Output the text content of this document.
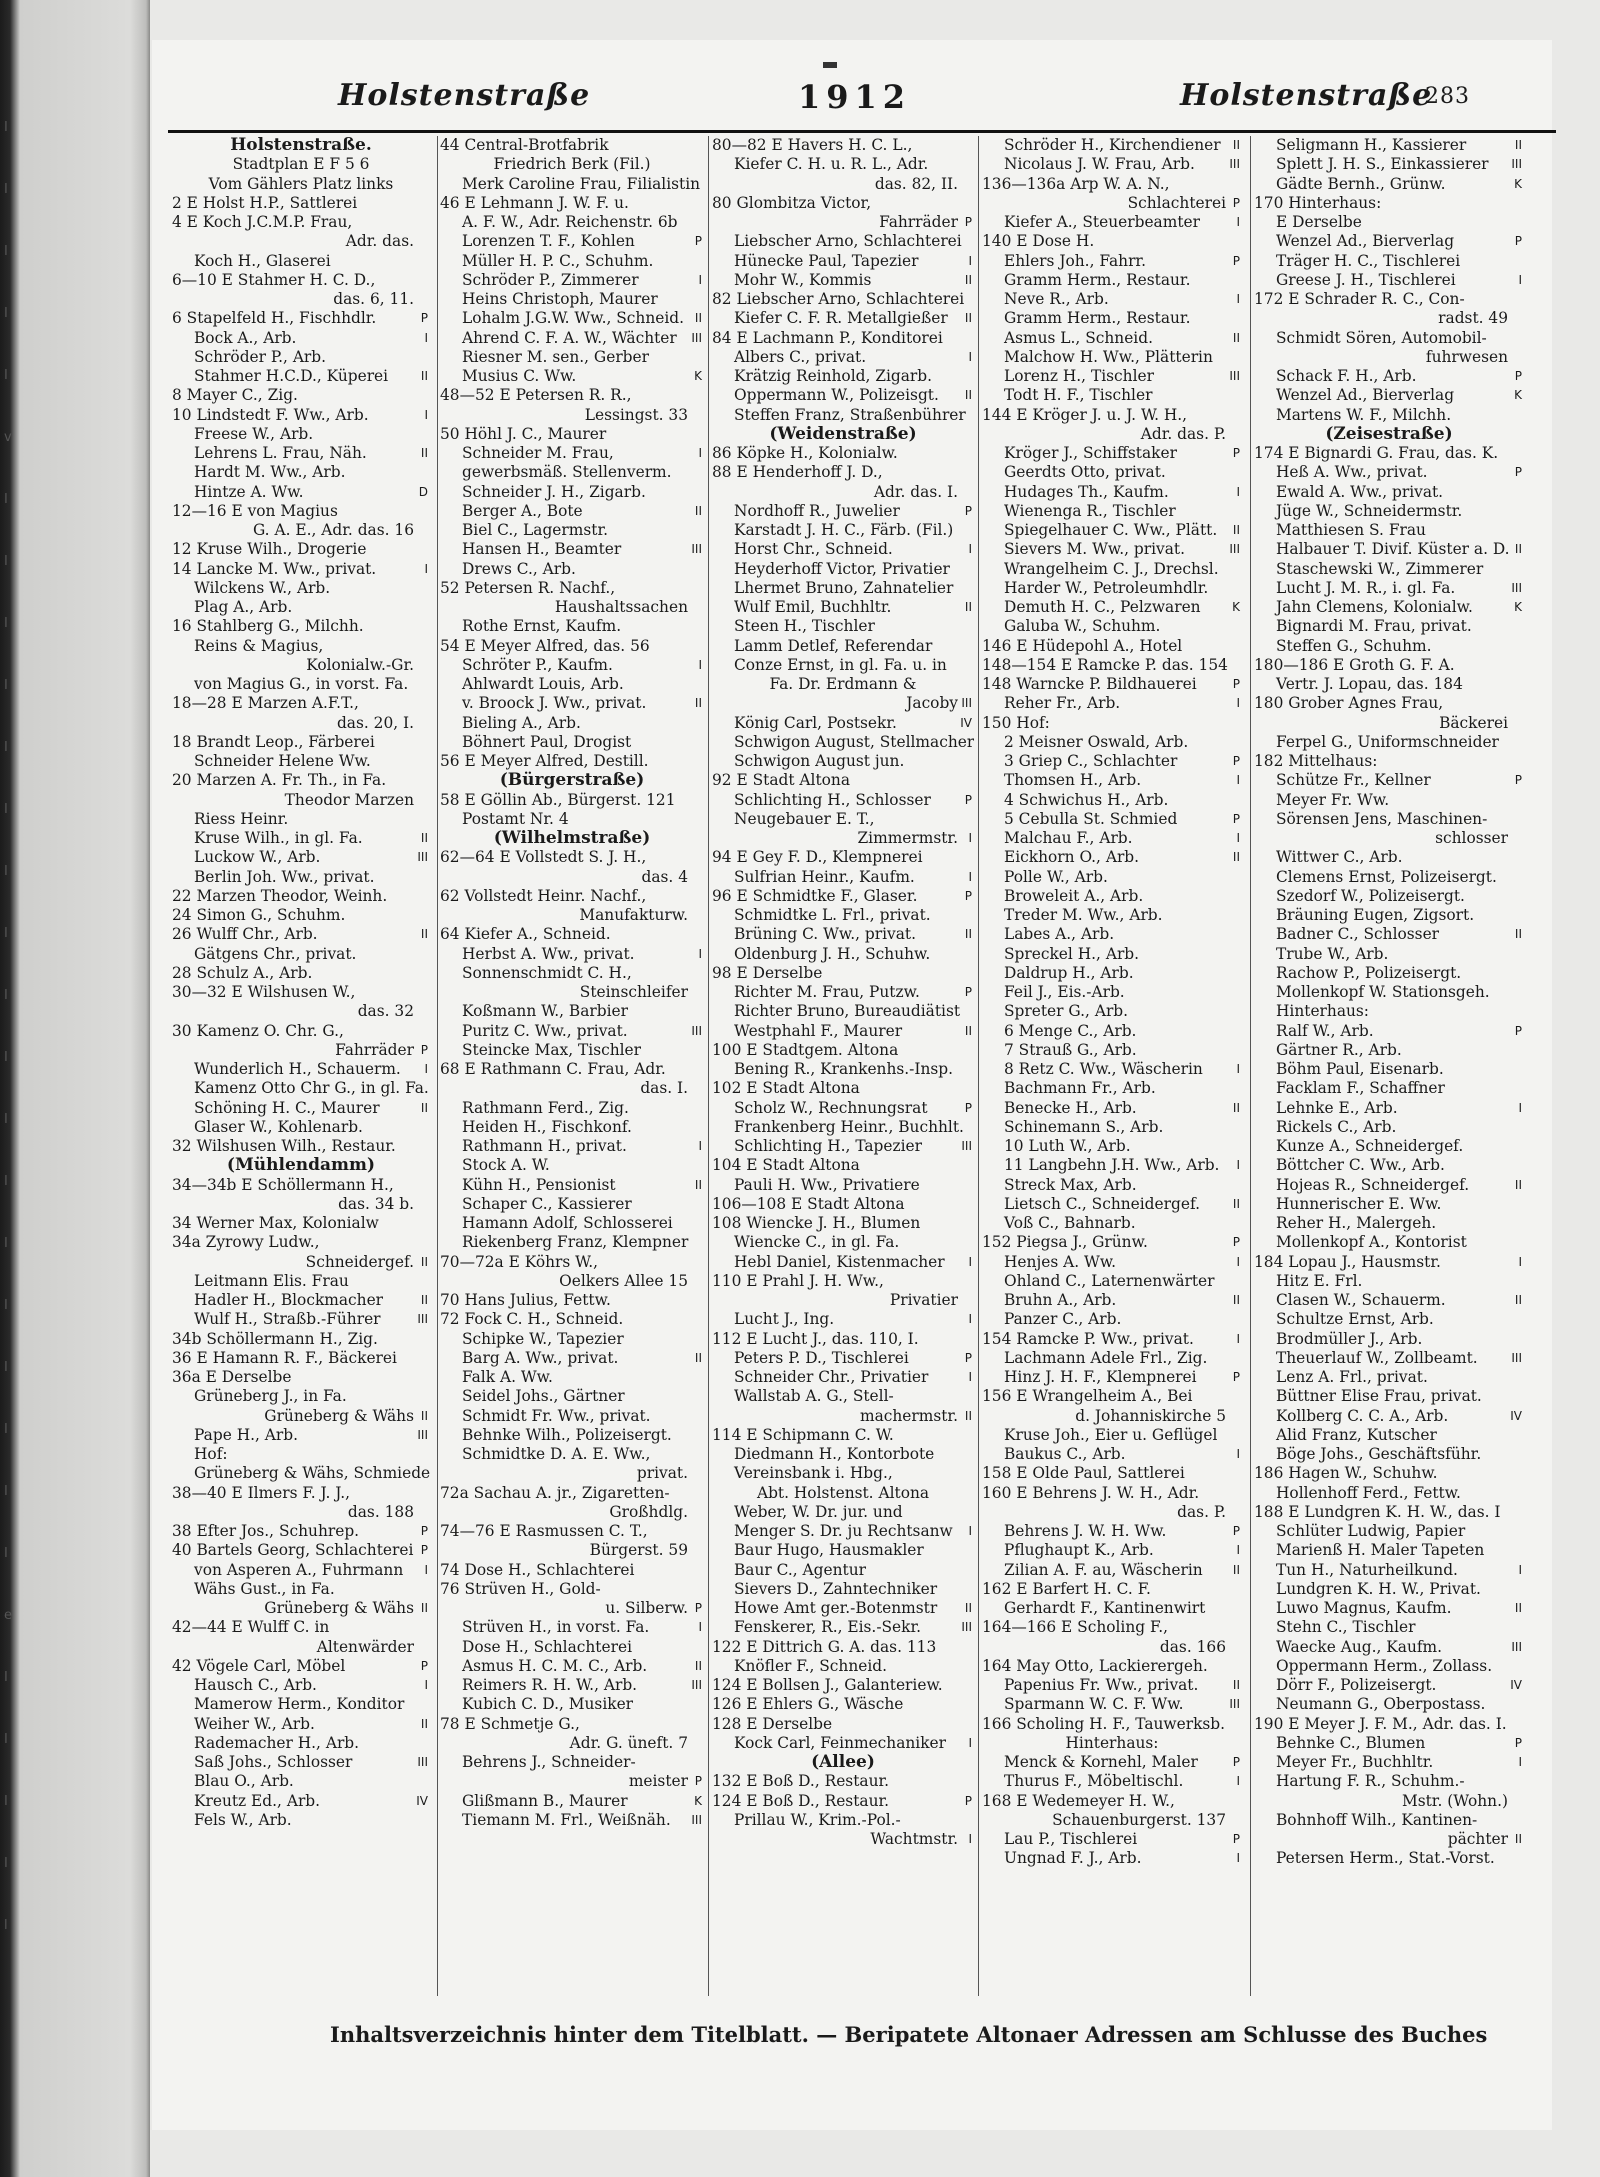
I
I
I
I
I
v
I
I
I
I
I
I
I
I
I
I
I
I
I
I
I
I
I
I
e
I
I
I
I
l
Holstenstraße	1912	Holstenstraße
283
Holstenstraße.
Stadtplan E F 5 6
Vom Gählers Platz links
2 E Holst H.P., Sattlerei
4 E Koch J.C.M.P. Frau,
Adr. das.
Koch H., Glaserei
6—10 E Stahmer H. C. D.,
das. 6, 11.
6 Stapelfeld H., Fischhdlr.	P
Bock A., Arb.	I
Schröder P., Arb.
Stahmer H.C.D., Küperei	II
8 Mayer C., Zig.
10 Lindstedt F. Ww., Arb.	I
Freese W., Arb.
Lehrens L. Frau, Näh.	II
Hardt M. Ww., Arb.
Hintze A. Ww.	D
12—16 E von Magius
G. A. E., Adr. das. 16
12 Kruse Wilh., Drogerie
14 Lancke M. Ww., privat.	I
Wilckens W., Arb.
Plag A., Arb.
16 Stahlberg G., Milchh.
Reins & Magius,
Kolonialw.-Gr.
von Magius G., in vorst. Fa.
18—28 E Marzen A.F.T.,
das. 20, I.
18 Brandt Leop., Färberei
Schneider Helene Ww.
20 Marzen A. Fr. Th., in Fa.
Theodor Marzen
Riess Heinr.
Kruse Wilh., in gl. Fa.	II
Luckow W., Arb.	III
Berlin Joh. Ww., privat.
22 Marzen Theodor, Weinh.
24 Simon G., Schuhm.
26 Wulff Chr., Arb.	II
Gätgens Chr., privat.
28 Schulz A., Arb.
30—32 E Wilshusen W.,
das. 32
30 Kamenz O. Chr. G.,
Fahrräder P
Wunderlich H., Schauerm. I
Kamenz Otto Chr G., in gl. Fa.
Schöning H. C., Maurer	II
Glaser W., Kohlenarb.
32 Wilshusen Wilh., Restaur.
(Mühlendamm)
34—34b E Schöllermann H.,
das. 34 b.
34 Werner Max, Kolonialw
34a Zyrowy Ludw.,
Schneidergef. II
Leitmann Elis. Frau
Hadler H., Blockmacher	II
Wulf H., Straßb.-Führer	III
34b Schöllermann H., Zig.
36 E Hamann R. F., Bäckerei
36a E Derselbe
Grüneberg J., in Fa.
Grüneberg & Wähs II
Pape H., Arb.	III
Hof:
Grüneberg & Wähs, Schmiede
38—40 E Ilmers F. J. J.,
das. 188
38 Efter Jos., Schuhrep.	P
40 Bartels Georg, Schlachterei P
von Asperen A., Fuhrmann I
Wähs Gust., in Fa.
Grüneberg & Wähs II
42—44 E Wulff C. in
Altenwärder
42 Vögele Carl, Möbel	P
Hausch C., Arb.	I
Mamerow Herm., Konditor
Weiher W., Arb.	II
Rademacher H., Arb.
Saß Johs., Schlosser	III
Blau O., Arb.
Kreutz Ed., Arb.	IV
Fels W., Arb.
44 Central-Brotfabrik
Friedrich Berk (Fil.)
Merk Caroline Frau, Filialistin
46 E Lehmann J. W. F. u.
A. F. W., Adr. Reichenstr. 6b
Lorenzen T. F., Kohlen	P
Müller H. P. C., Schuhm.
Schröder P., Zimmerer	I
Heins Christoph, Maurer
Lohalm J.G.W. Ww., Schneid. II
Ahrend C. F. A. W., Wächter III
Riesner M. sen., Gerber
Musius C. Ww.	K
48—52 E Petersen R. R.,
Lessingst. 33
50 Höhl J. C., Maurer
Schneider M. Frau,	I
gewerbsmäß. Stellenverm.
Schneider J. H., Zigarb.
Berger A., Bote	II
Biel C., Lagermstr.
Hansen H., Beamter	III
Drews C., Arb.
52 Petersen R. Nachf.,
Haushaltssachen
Rothe Ernst, Kaufm.
54 E Meyer Alfred, das. 56
Schröter P., Kaufm.	I
Ahlwardt Louis, Arb.
v. Broock J. Ww., privat.	II
Bieling A., Arb.
Böhnert Paul, Drogist
56 E Meyer Alfred, Destill.
(Bürgerstraße)
58 E Göllin Ab., Bürgerst. 121
Postamt Nr. 4
(Wilhelmstraße)
62—64 E Vollstedt S. J. H.,
das. 4
62 Vollstedt Heinr. Nachf.,
Manufakturw.
64 Kiefer A., Schneid.
Herbst A. Ww., privat.	I
Sonnenschmidt C. H.,
Steinschleifer
Koßmann W., Barbier
Puritz C. Ww., privat.	III
Steincke Max, Tischler
68 E Rathmann C. Frau, Adr.
das. I.
Rathmann Ferd., Zig.
Heiden H., Fischkonf.
Rathmann H., privat.	I
Stock A. W.
Kühn H., Pensionist	II
Schaper C., Kassierer
Hamann Adolf, Schlosserei
Riekenberg Franz, Klempner
70—72a E Köhrs W.,
Oelkers Allee 15
70 Hans Julius, Fettw.
72 Fock C. H., Schneid.
Schipke W., Tapezier
Barg A. Ww., privat.	II
Falk A. Ww.
Seidel Johs., Gärtner
Schmidt Fr. Ww., privat.
Behnke Wilh., Polizeisergt.
Schmidtke D. A. E. Ww.,
privat.
72a Sachau A. jr., Zigaretten-
Großhdlg.
74—76 E Rasmussen C. T.,
Bürgerst. 59
74 Dose H., Schlachterei
76 Strüven H., Gold-
u. Silberw. P
Strüven H., in vorst. Fa.	I
Dose H., Schlachterei
Asmus H. C. M. C., Arb.	II
Reimers R. H. W., Arb.	III
Kubich C. D., Musiker
78 E Schmetje G.,
Adr. G. üneft. 7
Behrens J., Schneider-
meister P
Glißmann B., Maurer	K
Tiemann M. Frl., Weißnäh. III
80—82 E Havers H. C. L.,
Kiefer C. H. u. R. L., Adr.
das. 82, II.
80 Glombitza Victor,
Fahrräder P
Liebscher Arno, Schlachterei
Hünecke Paul, Tapezier	I
Mohr W., Kommis	II
82 Liebscher Arno, Schlachterei
Kiefer C. F. R. Metallgießer II
84 E Lachmann P., Konditorei
Albers C., privat.	I
Krätzig Reinhold, Zigarb.
Oppermann W., Polizeisgt. II
Steffen Franz, Straßenbührer
(Weidenstraße)
86 Köpke H., Kolonialw.
88 E Henderhoff J. D.,
Adr. das. I.
Nordhoff R., Juwelier	P
Karstadt J. H. C., Färb. (Fil.)
Horst Chr., Schneid.	I
Heyderhoff Victor, Privatier
Lhermet Bruno, Zahnatelier
Wulf Emil, Buchhltr.	II
Steen H., Tischler
Lamm Detlef, Referendar
Conze Ernst, in gl. Fa. u. in
Fa. Dr. Erdmann &
Jacoby III
König Carl, Postsekr.	IV
Schwigon August, Stellmacher
Schwigon August jun.
92 E Stadt Altona
Schlichting H., Schlosser	P
Neugebauer E. T.,
Zimmermstr. I
94 E Gey F. D., Klempnerei
Sulfrian Heinr., Kaufm.	I
96 E Schmidtke F., Glaser.	P
Schmidtke L. Frl., privat.
Brüning C. Ww., privat.	II
Oldenburg J. H., Schuhw.
98 E Derselbe
Richter M. Frau, Putzw.	P
Richter Bruno, Bureaudiätist
Westphahl F., Maurer	II
100 E Stadtgem. Altona
Bening R., Krankenhs.-Insp.
102 E Stadt Altona
Scholz W., Rechnungsrat	P
Frankenberg Heinr., Buchhlt.
Schlichting H., Tapezier	III
104 E Stadt Altona
Pauli H. Ww., Privatiere
106—108 E Stadt Altona
108 Wiencke J. H., Blumen
Wiencke C., in gl. Fa.
Hebl Daniel, Kistenmacher I
110 E Prahl J. H. Ww.,
Privatier
Lucht J., Ing.	I
112 E Lucht J., das. 110, I.
Peters P. D., Tischlerei	P
Schneider Chr., Privatier	I
Wallstab A. G., Stell-
machermstr. II
114 E Schipmann C. W.
Diedmann H., Kontorbote
Vereinsbank i. Hbg.,
Abt. Holstenst. Altona
Weber, W. Dr. jur. und
Menger S. Dr. ju Rechtsanw I
Baur Hugo, Hausmakler
Baur C., Agentur
Sievers D., Zahntechniker
Howe Amt ger.-Botenmstr II
Fenskerer, R., Eis.-Sekr.	III
122 E Dittrich G. A. das. 113
Knöfler F., Schneid.
124 E Bollsen J., Galanteriew.
126 E Ehlers G., Wäsche
128 E Derselbe
Kock Carl, Feinmechaniker I
(Allee)
132 E Boß D., Restaur.
124 E Boß D., Restaur.	P
Prillau W., Krim.-Pol.-
Wachtmstr. I
Schröder H., Kirchendiener II
Nicolaus J. W. Frau, Arb.	III
136—136a Arp W. A. N.,
Schlachterei P
Kiefer A., Steuerbeamter	I
140 E Dose H.
Ehlers Joh., Fahrr.	P
Gramm Herm., Restaur.
Neve R., Arb.	I
Gramm Herm., Restaur.
Asmus L., Schneid.	II
Malchow H. Ww., Plätterin
Lorenz H., Tischler	III
Todt H. F., Tischler
144 E Kröger J. u. J. W. H.,
Adr. das. P.
Kröger J., Schiffstaker	P
Geerdts Otto, privat.
Hudages Th., Kaufm.	I
Wienenga R., Tischler
Spiegelhauer C. Ww., Plätt. II
Sievers M. Ww., privat.	III
Wrangelheim C. J., Drechsl.
Harder W., Petroleumhdlr.
Demuth H. C., Pelzwaren	K
Galuba W., Schuhm.
146 E Hüdepohl A., Hotel
148—154 E Ramcke P. das. 154
148 Warncke P. Bildhauerei	P
Reher Fr., Arb.	I
150 Hof:
2 Meisner Oswald, Arb.
3 Griep C., Schlachter	P
Thomsen H., Arb.	I
4 Schwichus H., Arb.
5 Cebulla St. Schmied	P
Malchau F., Arb.	I
Eickhorn O., Arb.	II
Polle W., Arb.
Broweleit A., Arb.
Treder M. Ww., Arb.
Labes A., Arb.
Spreckel H., Arb.
Daldrup H., Arb.
Feil J., Eis.-Arb.
Spreter G., Arb.
6 Menge C., Arb.
7 Strauß G., Arb.
8 Retz C. Ww., Wäscherin	I
Bachmann Fr., Arb.
Benecke H., Arb.	II
Schinemann S., Arb.
10 Luth W., Arb.
11 Langbehn J.H. Ww., Arb. I
Streck Max, Arb.
Lietsch C., Schneidergef.	II
Voß C., Bahnarb.
152 Piegsa J., Grünw.	P
Henjes A. Ww.	I
Ohland C., Laternenwärter
Bruhn A., Arb.	II
Panzer C., Arb.
154 Ramcke P. Ww., privat.	I
Lachmann Adele Frl., Zig.
Hinz J. H. F., Klempnerei	P
156 E Wrangelheim A., Bei
d. Johanniskirche 5
Kruse Joh., Eier u. Geflügel
Baukus C., Arb.	I
158 E Olde Paul, Sattlerei
160 E Behrens J. W. H., Adr.
das. P.
Behrens J. W. H. Ww.	P
Pflughaupt K., Arb.	I
Zilian A. F. au, Wäscherin	II
162 E Barfert H. C. F.
Gerhardt F., Kantinenwirt
164—166 E Scholing F.,
das. 166
164 May Otto, Lackierergeh.
Papenius Fr. Ww., privat.	II
Sparmann W. C. F. Ww.	III
166 Scholing H. F., Tauwerksb.
Hinterhaus:
Menck & Kornehl, Maler	P
Thurus F., Möbeltischl.	I
168 E Wedemeyer H. W.,
Schauenburgerst. 137
Lau P., Tischlerei	P
Ungnad F. J., Arb.	I
Seligmann H., Kassierer	II
Splett J. H. S., Einkassierer III
Gädte Bernh., Grünw.	K
170 Hinterhaus:
E Derselbe
Wenzel Ad., Bierverlag	P
Träger H. C., Tischlerei
Greese J. H., Tischlerei	I
172 E Schrader R. C., Con-
radst. 49
Schmidt Sören, Automobil-
fuhrwesen
Schack F. H., Arb.	P
Wenzel Ad., Bierverlag	K
Martens W. F., Milchh.
(Zeisestraße)
174 E Bignardi G. Frau, das. K.
Heß A. Ww., privat.	P
Ewald A. Ww., privat.
Jüge W., Schneidermstr.
Matthiesen S. Frau
Halbauer T. Divif. Küster a. D. II
Staschewski W., Zimmerer
Lucht J. M. R., i. gl. Fa.	III
Jahn Clemens, Kolonialw.	K
Bignardi M. Frau, privat.
Steffen G., Schuhm.
180—186 E Groth G. F. A.
Vertr. J. Lopau, das. 184
180 Grober Agnes Frau,
Bäckerei
Ferpel G., Uniformschneider
182 Mittelhaus:
Schütze Fr., Kellner	P
Meyer Fr. Ww.
Sörensen Jens, Maschinen-
schlosser
Wittwer C., Arb.
Clemens Ernst, Polizeisergt.
Szedorf W., Polizeisergt.
Bräuning Eugen, Zigsort.
Badner C., Schlosser	II
Trube W., Arb.
Rachow P., Polizeisergt.
Mollenkopf W. Stationsgeh.
Hinterhaus:
Ralf W., Arb.	P
Gärtner R., Arb.
Böhm Paul, Eisenarb.
Facklam F., Schaffner
Lehnke E., Arb.	I
Rickels C., Arb.
Kunze A., Schneidergef.
Böttcher C. Ww., Arb.
Hojeas R., Schneidergef.	II
Hunnerischer E. Ww.
Reher H., Malergeh.
Mollenkopf A., Kontorist
184 Lopau J., Hausmstr.	I
Hitz E. Frl.
Clasen W., Schauerm.	II
Schultze Ernst, Arb.
Brodmüller J., Arb.
Theuerlauf W., Zollbeamt.	III
Lenz A. Frl., privat.
Büttner Elise Frau, privat.
Kollberg C. C. A., Arb.	IV
Alid Franz, Kutscher
Böge Johs., Geschäftsführ.
186 Hagen W., Schuhw.
Hollenhoff Ferd., Fettw.
188 E Lundgren K. H. W., das. I
Schlüter Ludwig, Papier
Marienß H. Maler Tapeten
Tun H., Naturheilkund.	I
Lundgren K. H. W., Privat.
Luwo Magnus, Kaufm.	II
Stehn C., Tischler
Waecke Aug., Kaufm.	III
Oppermann Herm., Zollass.
Dörr F., Polizeisergt.	IV
Neumann G., Oberpostass.
190 E Meyer J. F. M., Adr. das. I.
Behnke C., Blumen	P
Meyer Fr., Buchhltr.	I
Hartung F. R., Schuhm.-
Mstr. (Wohn.)
Bohnhoff Wilh., Kantinen-
pächter II
Petersen Herm., Stat.-Vorst.
Inhaltsverzeichnis hinter dem Titelblatt. — Beripatete Altonaer Adressen am Schlusse des Buches
